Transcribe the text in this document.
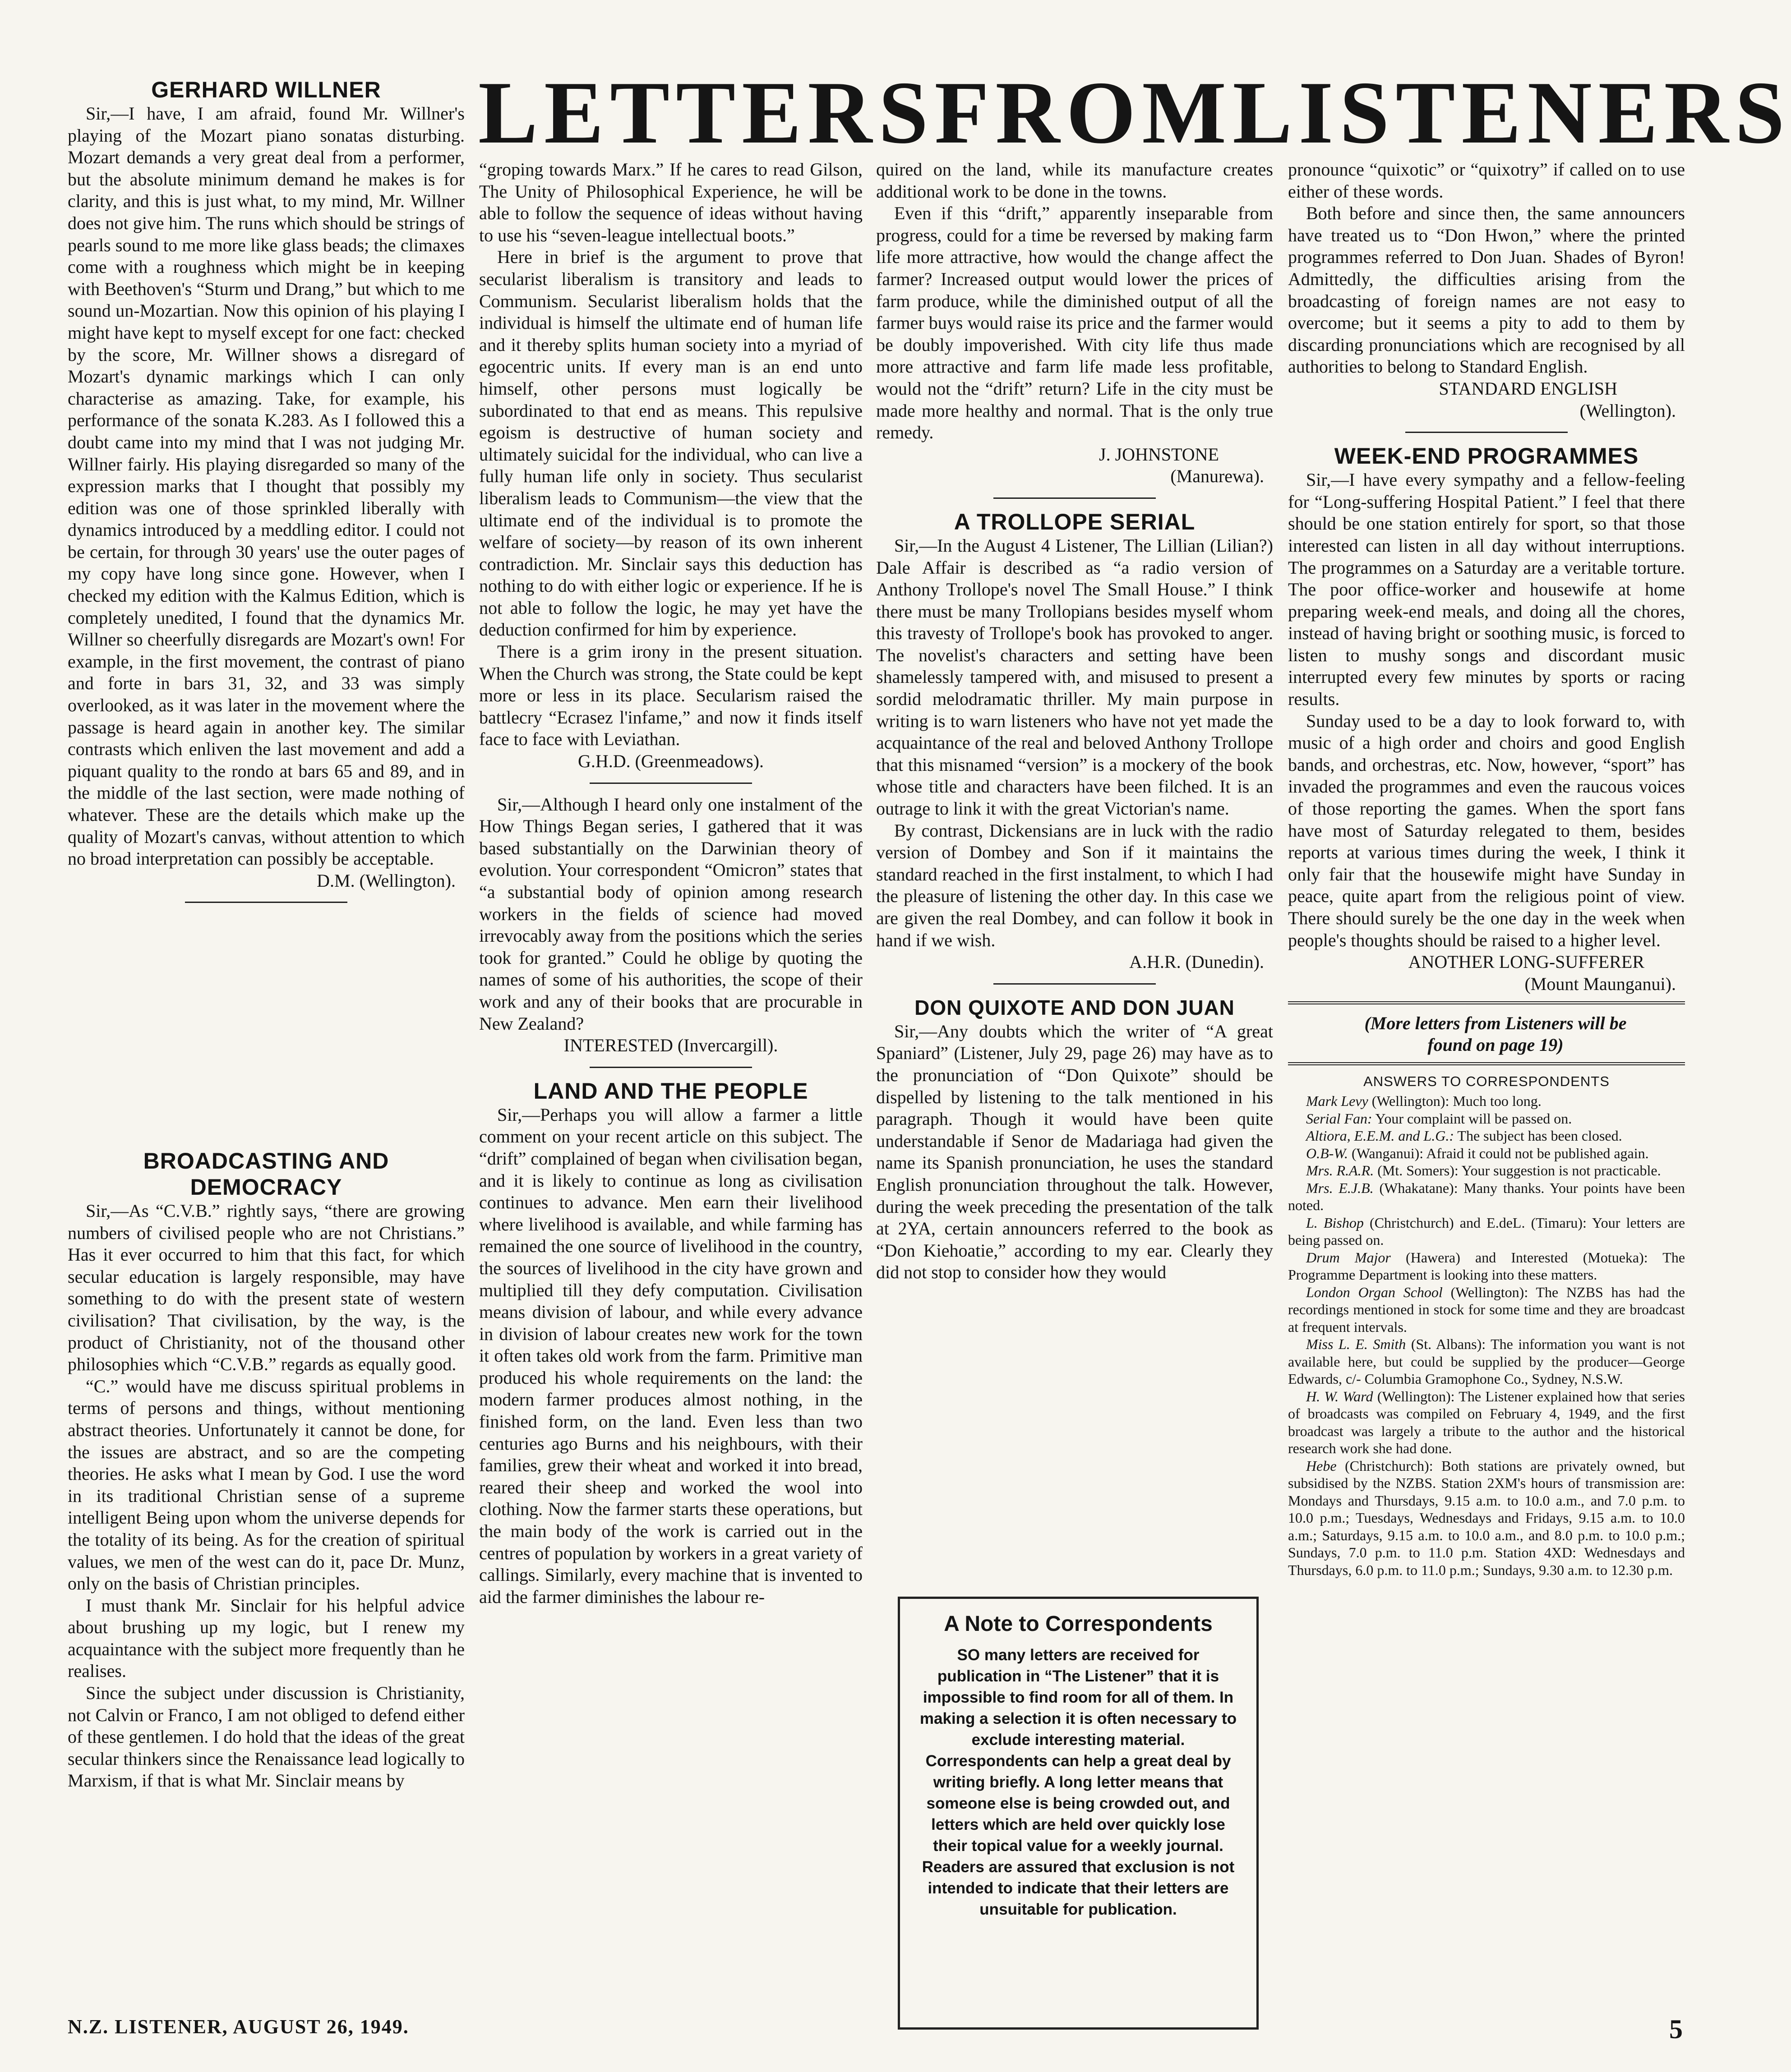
LETTERS FROM LISTENERS
GERHARD WILLNER

Sir,—I have, I am afraid, found Mr. Willner's playing of the Mozart piano sonatas disturbing. Mozart demands a very great deal from a performer, but the absolute minimum demand he makes is for clarity, and this is just what, to my mind, Mr. Willner does not give him. The runs which should be strings of pearls sound to me more like glass beads; the climaxes come with a roughness which might be in keeping with Beethoven's “Sturm und Drang,” but which to me sound un-Mozartian. Now this opinion of his playing I might have kept to myself except for one fact: checked by the score, Mr. Willner shows a disregard of Mozart's dynamic markings which I can only characterise as amazing. Take, for example, his performance of the sonata K.283. As I followed this a doubt came into my mind that I was not judging Mr. Willner fairly. His playing disregarded so many of the expression marks that I thought that possibly my edition was one of those sprinkled liberally with dynamics introduced by a meddling editor. I could not be certain, for through 30 years' use the outer pages of my copy have long since gone. However, when I checked my edition with the Kalmus Edition, which is completely unedited, I found that the dynamics Mr. Willner so cheerfully disregards are Mozart's own! For example, in the first movement, the contrast of piano and forte in bars 31, 32, and 33 was simply overlooked, as it was later in the movement where the passage is heard again in another key. The similar contrasts which enliven the last movement and add a piquant quality to the rondo at bars 65 and 89, and in the middle of the last section, were made nothing of whatever. These are the details which make up the quality of Mozart's canvas, without attention to which no broad interpretation can possibly be acceptable.

D.M. (Wellington).
BROADCASTING AND
DEMOCRACY

Sir,—As “C.V.B.” rightly says, “there are growing numbers of civilised people who are not Christians.” Has it ever occurred to him that this fact, for which secular education is largely responsible, may have something to do with the present state of western civilisation? That civilisation, by the way, is the product of Christianity, not of the thousand other philosophies which “C.V.B.” regards as equally good.

“C.” would have me discuss spiritual problems in terms of persons and things, without mentioning abstract theories. Unfortunately it cannot be done, for the issues are abstract, and so are the competing theories. He asks what I mean by God. I use the word in its traditional Christian sense of a supreme intelligent Being upon whom the universe depends for the totality of its being. As for the creation of spiritual values, we men of the west can do it, pace Dr. Munz, only on the basis of Christian principles.

I must thank Mr. Sinclair for his helpful advice about brushing up my logic, but I renew my acquaintance with the subject more frequently than he realises.

Since the subject under discussion is Christianity, not Calvin or Franco, I am not obliged to defend either of these gentlemen. I do hold that the ideas of the great secular thinkers since the Renaissance lead logically to Marxism, if that is what Mr. Sinclair means by

“groping towards Marx.” If he cares to read Gilson, The Unity of Philosophical Experience, he will be able to follow the sequence of ideas without having to use his “seven-league intellectual boots.”

Here in brief is the argument to prove that secularist liberalism is transitory and leads to Communism. Secularist liberalism holds that the individual is himself the ultimate end of human life and it thereby splits human society into a myriad of egocentric units. If every man is an end unto himself, other persons must logically be subordinated to that end as means. This repulsive egoism is destructive of human society and ultimately suicidal for the individual, who can live a fully human life only in society. Thus secularist liberalism leads to Communism—the view that the ultimate end of the individual is to promote the welfare of society—by reason of its own inherent contradiction. Mr. Sinclair says this deduction has nothing to do with either logic or experience. If he is not able to follow the logic, he may yet have the deduction confirmed for him by experience.

There is a grim irony in the present situation. When the Church was strong, the State could be kept more or less in its place. Secularism raised the battlecry “Ecrasez l'infame,” and now it finds itself face to face with Leviathan.

G.H.D. (Greenmeadows).

Sir,—Although I heard only one instalment of the How Things Began series, I gathered that it was based substantially on the Darwinian theory of evolution. Your correspondent “Omicron” states that “a substantial body of opinion among research workers in the fields of science had moved irrevocably away from the positions which the series took for granted.” Could he oblige by quoting the names of some of his authorities, the scope of their work and any of their books that are procurable in New Zealand?

INTERESTED (Invercargill).
LAND AND THE PEOPLE

Sir,—Perhaps you will allow a farmer a little comment on your recent article on this subject. The “drift” complained of began when civilisation began, and it is likely to continue as long as civilisation continues to advance. Men earn their livelihood where livelihood is available, and while farming has remained the one source of livelihood in the country, the sources of livelihood in the city have grown and multiplied till they defy computation. Civilisation means division of labour, and while every advance in division of labour creates new work for the town it often takes old work from the farm. Primitive man produced his whole requirements on the land: the modern farmer produces almost nothing, in the finished form, on the land. Even less than two centuries ago Burns and his neighbours, with their families, grew their wheat and worked it into bread, reared their sheep and worked the wool into clothing. Now the farmer starts these operations, but the main body of the work is carried out in the centres of population by workers in a great variety of callings. Similarly, every machine that is invented to aid the farmer diminishes the labour re-

quired on the land, while its manufacture creates additional work to be done in the towns.

Even if this “drift,” apparently inseparable from progress, could for a time be reversed by making farm life more attractive, how would the change affect the farmer? Increased output would lower the prices of farm produce, while the diminished output of all the farmer buys would raise its price and the farmer would be doubly impoverished. With city life thus made more attractive and farm life made less profitable, would not the “drift” return? Life in the city must be made more healthy and normal. That is the only true remedy.

J. JOHNSTONE
(Manurewa).
A TROLLOPE SERIAL

Sir,—In the August 4 Listener, The Lillian (Lilian?) Dale Affair is described as “a radio version of Anthony Trollope's novel The Small House.” I think there must be many Trollopians besides myself whom this travesty of Trollope's book has provoked to anger. The novelist's characters and setting have been shamelessly tampered with, and misused to present a sordid melodramatic thriller. My main purpose in writing is to warn listeners who have not yet made the acquaintance of the real and beloved Anthony Trollope that this misnamed “version” is a mockery of the book whose title and characters have been filched. It is an outrage to link it with the great Victorian's name.

By contrast, Dickensians are in luck with the radio version of Dombey and Son if it maintains the standard reached in the first instalment, to which I had the pleasure of listening the other day. In this case we are given the real Dombey, and can follow it book in hand if we wish.

A.H.R. (Dunedin).
DON QUIXOTE AND DON JUAN

Sir,—Any doubts which the writer of “A great Spaniard” (Listener, July 29, page 26) may have as to the pronunciation of “Don Quixote” should be dispelled by listening to the talk mentioned in his paragraph. Though it would have been quite understandable if Senor de Madariaga had given the name its Spanish pronunciation, he uses the standard English pronunciation throughout the talk. However, during the week preceding the presentation of the talk at 2YA, certain announcers referred to the book as “Don Kiehoatie,” according to my ear. Clearly they did not stop to consider how they would

A Note to Correspondents

SO many letters are received for publication in “The Listener” that it is impossible to find room for all of them. In making a selection it is often necessary to exclude interesting material. Correspondents can help a great deal by writing briefly. A long letter means that someone else is being crowded out, and letters which are held over quickly lose their topical value for a weekly journal. Readers are assured that exclusion is not intended to indicate that their letters are unsuitable for publication.

pronounce “quixotic” or “quixotry” if called on to use either of these words.

Both before and since then, the same announcers have treated us to “Don Hwon,” where the printed programmes referred to Don Juan. Shades of Byron! Admittedly, the difficulties arising from the broadcasting of foreign names are not easy to overcome; but it seems a pity to add to them by discarding pronunciations which are recognised by all authorities to belong to Standard English.

STANDARD ENGLISH
(Wellington).
WEEK-END PROGRAMMES

Sir,—I have every sympathy and a fellow-feeling for “Long-suffering Hospital Patient.” I feel that there should be one station entirely for sport, so that those interested can listen in all day without interruptions. The programmes on a Saturday are a veritable torture. The poor office-worker and housewife at home preparing week-end meals, and doing all the chores, instead of having bright or soothing music, is forced to listen to mushy songs and discordant music interrupted every few minutes by sports or racing results.

Sunday used to be a day to look forward to, with music of a high order and choirs and good English bands, and orchestras, etc. Now, however, “sport” has invaded the programmes and even the raucous voices of those reporting the games. When the sport fans have most of Saturday relegated to them, besides reports at various times during the week, I think it only fair that the housewife might have Sunday in peace, quite apart from the religious point of view. There should surely be the one day in the week when people's thoughts should be raised to a higher level.

ANOTHER LONG-SUFFERER
(Mount Maunganui).

(More letters from Listeners will be

found on page 19)

ANSWERS TO CORRESPONDENTS

Mark Levy (Wellington): Much too long.

Serial Fan: Your complaint will be passed on.

Altiora, E.E.M. and L.G.: The subject has been closed.

O.B-W. (Wanganui): Afraid it could not be published again.

Mrs. R.A.R. (Mt. Somers): Your suggestion is not practicable.

Mrs. E.J.B. (Whakatane): Many thanks. Your points have been noted.

L. Bishop (Christchurch) and E.deL. (Timaru): Your letters are being passed on.

Drum Major (Hawera) and Interested (Motueka): The Programme Department is looking into these matters.

London Organ School (Wellington): The NZBS has had the recordings mentioned in stock for some time and they are broadcast at frequent intervals.

Miss L. E. Smith (St. Albans): The information you want is not available here, but could be supplied by the producer—George Edwards, c/- Columbia Gramophone Co., Sydney, N.S.W.

H. W. Ward (Wellington): The Listener explained how that series of broadcasts was compiled on February 4, 1949, and the first broadcast was largely a tribute to the author and the historical research work she had done.

Hebe (Christchurch): Both stations are privately owned, but subsidised by the NZBS. Station 2XM's hours of transmission are: Mondays and Thursdays, 9.15 a.m. to 10.0 a.m., and 7.0 p.m. to 10.0 p.m.; Tuesdays, Wednesdays and Fridays, 9.15 a.m. to 10.0 a.m.; Saturdays, 9.15 a.m. to 10.0 a.m., and 8.0 p.m. to 10.0 p.m.; Sundays, 7.0 p.m. to 11.0 p.m. Station 4XD: Wednesdays and Thursdays, 6.0 p.m. to 11.0 p.m.; Sundays, 9.30 a.m. to 12.30 p.m.

N.Z. LISTENER, AUGUST 26, 1949.	5
